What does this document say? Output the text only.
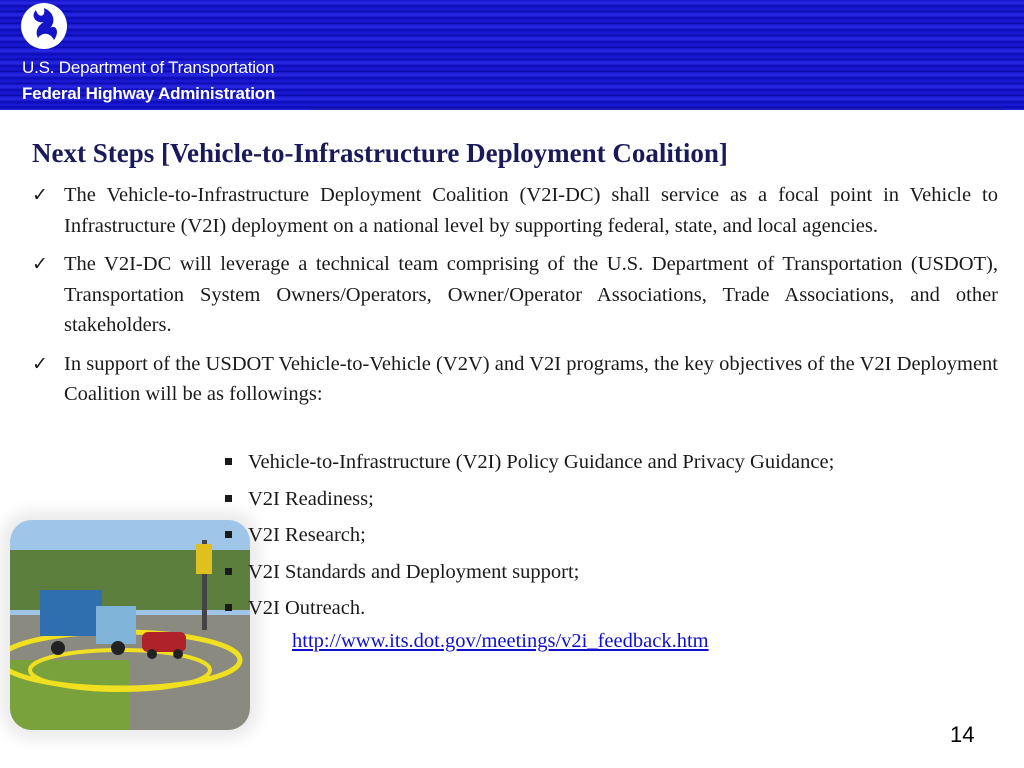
U.S. Department of Transportation
Federal Highway Administration
Next Steps [Vehicle-to-Infrastructure Deployment Coalition]
✓ The Vehicle-to-Infrastructure Deployment Coalition (V2I-DC) shall service as a focal point in Vehicle to Infrastructure (V2I) deployment on a national level by supporting federal, state, and local agencies.
✓ The V2I-DC will leverage a technical team comprising of the U.S. Department of Transportation (USDOT), Transportation System Owners/Operators, Owner/Operator Associations, Trade Associations, and other stakeholders.
✓ In support of the USDOT Vehicle-to-Vehicle (V2V) and V2I programs, the key objectives of the V2I Deployment Coalition will be as followings:
Vehicle-to-Infrastructure (V2I) Policy Guidance and Privacy Guidance;
V2I Readiness;
V2I Research;
V2I Standards and Deployment support;
V2I Outreach.
http://www.its.dot.gov/meetings/v2i_feedback.htm
14
